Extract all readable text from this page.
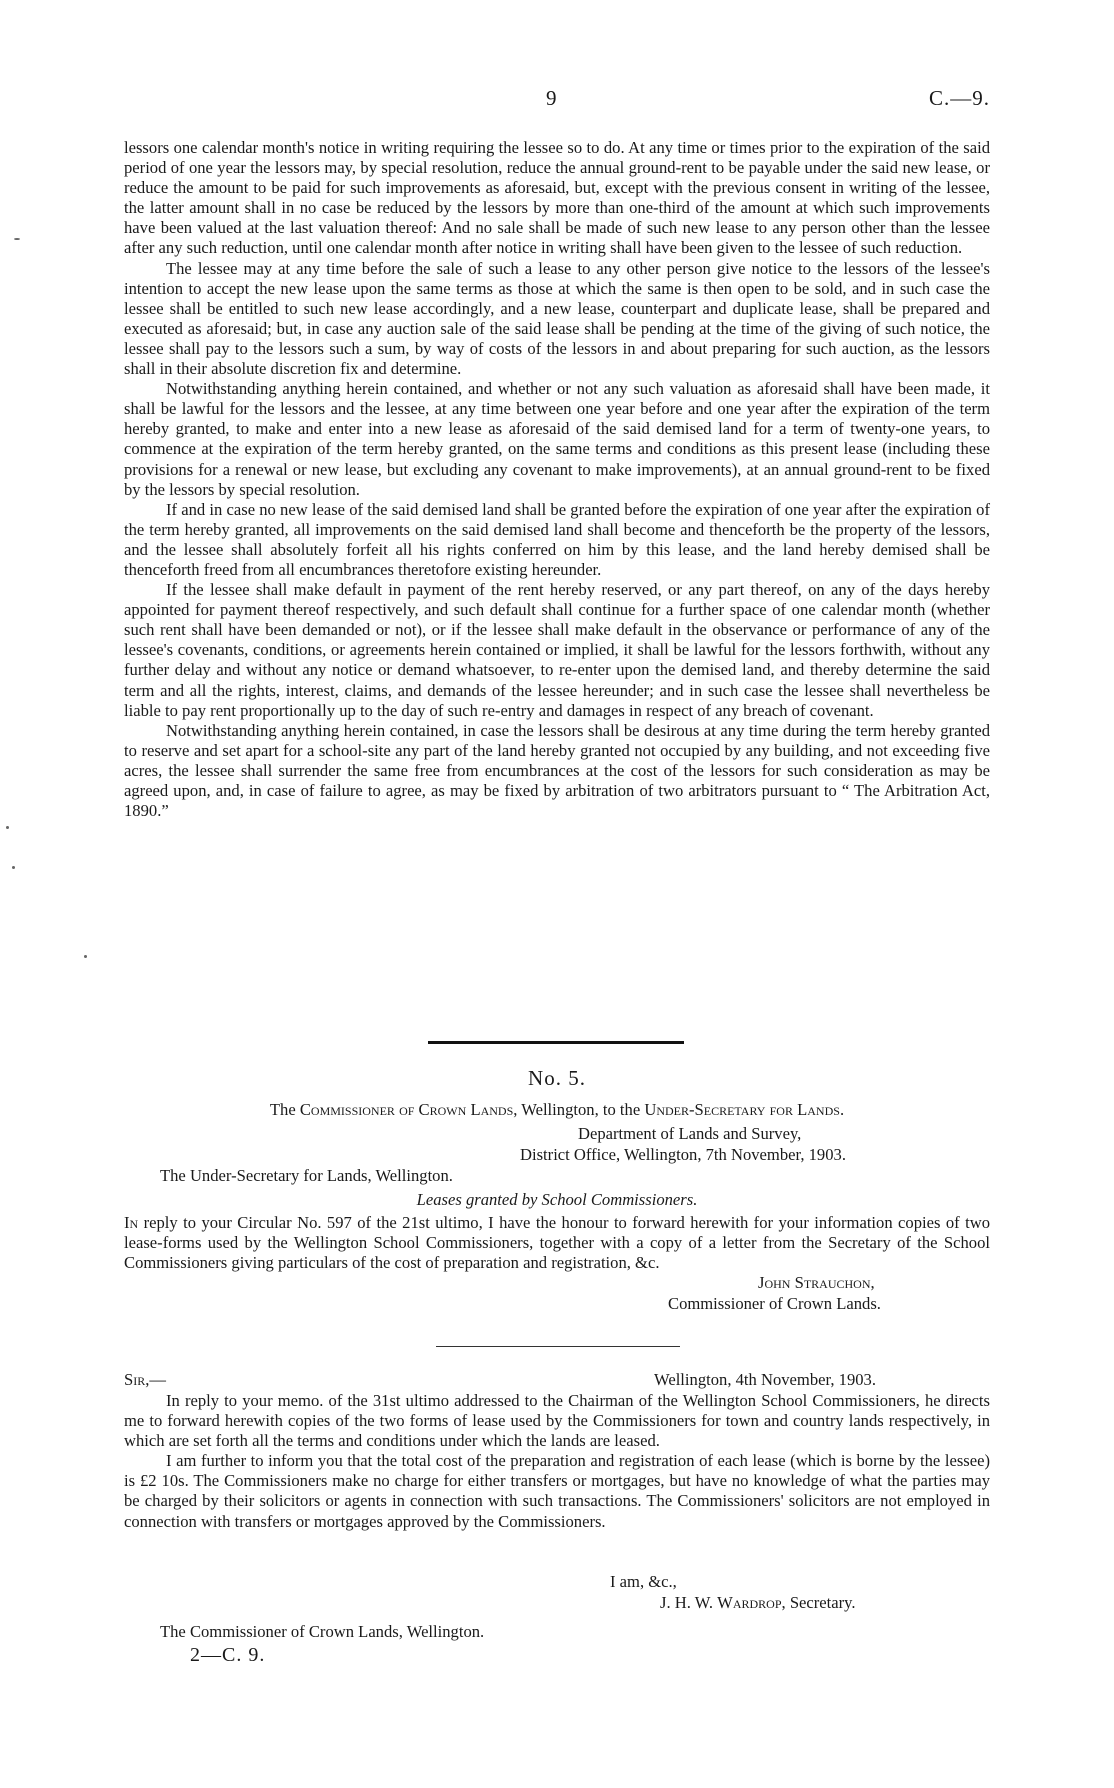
9	C.—9.

lessors one calendar month's notice in writing requiring the lessee so to do. At any time or times prior to the expiration of the said period of one year the lessors may, by special resolution, reduce the annual ground-rent to be payable under the said new lease, or reduce the amount to be paid for such improvements as aforesaid, but, except with the previous consent in writing of the lessee, the latter amount shall in no case be reduced by the lessors by more than one-third of the amount at which such improvements have been valued at the last valuation thereof: And no sale shall be made of such new lease to any person other than the lessee after any such reduction, until one calendar month after notice in writing shall have been given to the lessee of such reduction.

The lessee may at any time before the sale of such a lease to any other person give notice to the lessors of the lessee's intention to accept the new lease upon the same terms as those at which the same is then open to be sold, and in such case the lessee shall be entitled to such new lease accordingly, and a new lease, counterpart and duplicate lease, shall be prepared and executed as aforesaid; but, in case any auction sale of the said lease shall be pending at the time of the giving of such notice, the lessee shall pay to the lessors such a sum, by way of costs of the lessors in and about preparing for such auction, as the lessors shall in their absolute discretion fix and determine.

Notwithstanding anything herein contained, and whether or not any such valuation as aforesaid shall have been made, it shall be lawful for the lessors and the lessee, at any time between one year before and one year after the expiration of the term hereby granted, to make and enter into a new lease as aforesaid of the said demised land for a term of twenty-one years, to commence at the expiration of the term hereby granted, on the same terms and conditions as this present lease (including these provisions for a renewal or new lease, but excluding any covenant to make improvements), at an annual ground-rent to be fixed by the lessors by special resolution.

If and in case no new lease of the said demised land shall be granted before the expiration of one year after the expiration of the term hereby granted, all improvements on the said demised land shall become and thenceforth be the property of the lessors, and the lessee shall absolutely forfeit all his rights conferred on him by this lease, and the land hereby demised shall be thenceforth freed from all encumbrances theretofore existing hereunder.

If the lessee shall make default in payment of the rent hereby reserved, or any part thereof, on any of the days hereby appointed for payment thereof respectively, and such default shall continue for a further space of one calendar month (whether such rent shall have been demanded or not), or if the lessee shall make default in the observance or performance of any of the lessee's covenants, conditions, or agreements herein contained or implied, it shall be lawful for the lessors forthwith, without any further delay and without any notice or demand whatsoever, to re-enter upon the demised land, and thereby determine the said term and all the rights, interest, claims, and demands of the lessee hereunder; and in such case the lessee shall nevertheless be liable to pay rent proportionally up to the day of such re-entry and damages in respect of any breach of covenant.

Notwithstanding anything herein contained, in case the lessors shall be desirous at any time during the term hereby granted to reserve and set apart for a school-site any part of the land hereby granted not occupied by any building, and not exceeding five acres, the lessee shall surrender the same free from encumbrances at the cost of the lessors for such consideration as may be agreed upon, and, in case of failure to agree, as may be fixed by arbitration of two arbitrators pursuant to “ The Arbitration Act, 1890.”

No. 5.
The Commissioner of Crown Lands, Wellington, to the Under-Secretary for Lands.
Department of Lands and Survey,
District Office, Wellington, 7th November, 1903.
The Under-Secretary for Lands, Wellington.
Leases granted by School Commissioners.

In reply to your Circular No. 597 of the 21st ultimo, I have the honour to forward herewith for your information copies of two lease-forms used by the Wellington School Commissioners, together with a copy of a letter from the Secretary of the School Commissioners giving particulars of the cost of preparation and registration, &c.

John Strauchon,
Commissioner of Crown Lands.
Sir,—	Wellington, 4th November, 1903.

In reply to your memo. of the 31st ultimo addressed to the Chairman of the Wellington School Commissioners, he directs me to forward herewith copies of the two forms of lease used by the Commissioners for town and country lands respectively, in which are set forth all the terms and conditions under which the lands are leased.

I am further to inform you that the total cost of the preparation and registration of each lease (which is borne by the lessee) is £2 10s. The Commissioners make no charge for either transfers or mortgages, but have no knowledge of what the parties may be charged by their solicitors or agents in connection with such transactions. The Commissioners' solicitors are not employed in connection with transfers or mortgages approved by the Commissioners.

I am, &c.,
J. H. W. Wardrop, Secretary.
The Commissioner of Crown Lands, Wellington.
2—C. 9.
